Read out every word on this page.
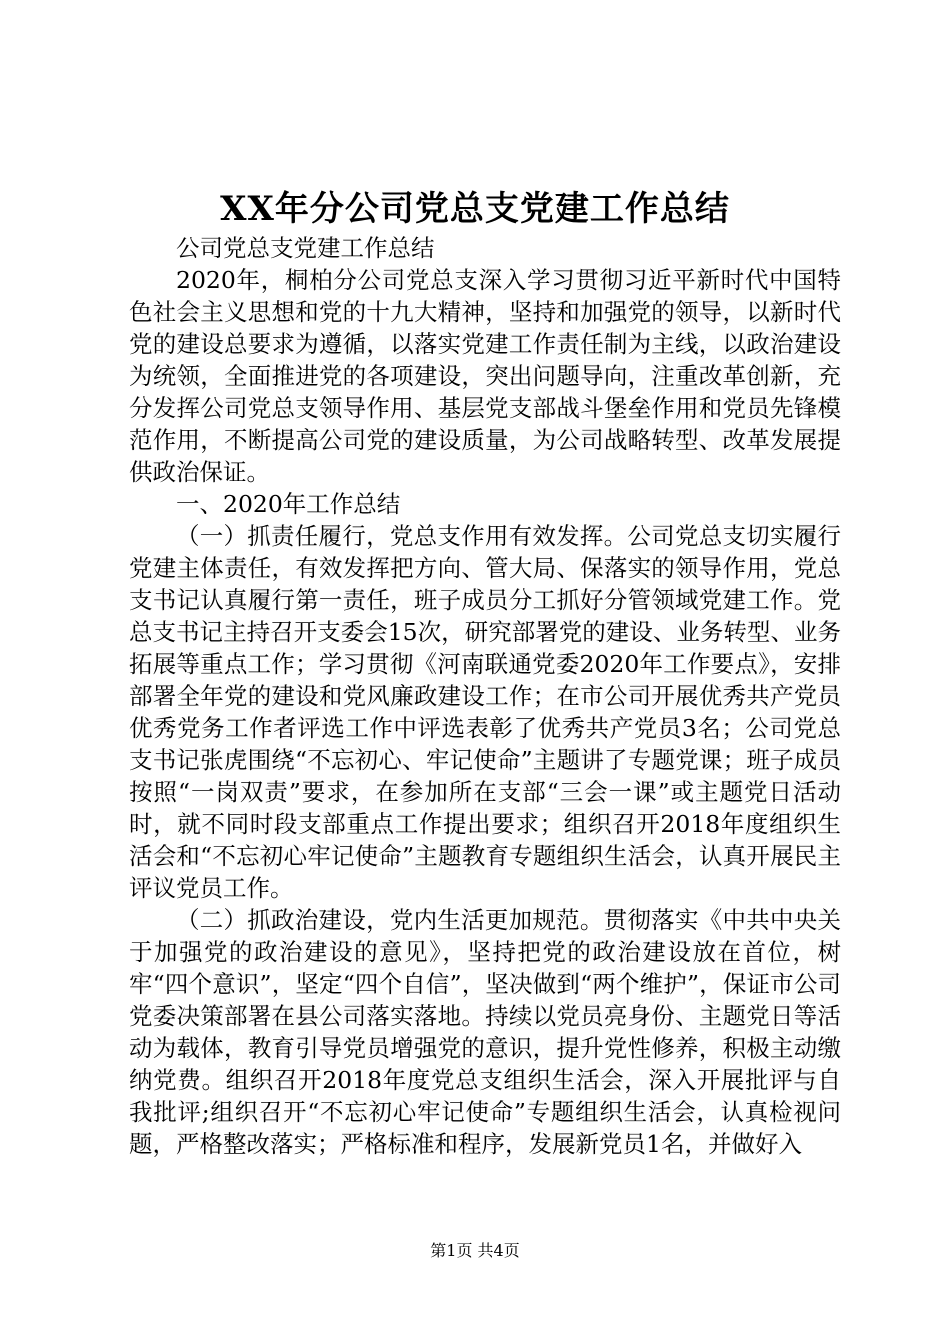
XX年分公司党总支党建工作总结

公司党总支党建工作总结

2020年，桐柏分公司党总支深入学习贯彻习近平新时代中国特色社会主义思想和党的十九大精神，坚持和加强党的领导，以新时代党的建设总要求为遵循，以落实党建工作责任制为主线，以政治建设为统领，全面推进党的各项建设，突出问题导向，注重改革创新，充分发挥公司党总支领导作用、基层党支部战斗堡垒作用和党员先锋模范作用，不断提高公司党的建设质量，为公司战略转型、改革发展提供政治保证。

一、2020年工作总结

（一）抓责任履行，党总支作用有效发挥。公司党总支切实履行党建主体责任，有效发挥把方向、管大局、保落实的领导作用，党总支书记认真履行第一责任，班子成员分工抓好分管领域党建工作。党总支书记主持召开支委会15次，研究部署党的建设、业务转型、业务拓展等重点工作；学习贯彻《河南联通党委2020年工作要点》，安排部署全年党的建设和党风廉政建设工作；在市公司开展优秀共产党员优秀党务工作者评选工作中评选表彰了优秀共产党员3名；公司党总支书记张虎围绕“不忘初心、牢记使命”主题讲了专题党课；班子成员按照“一岗双责”要求，在参加所在支部“三会一课”或主题党日活动时，就不同时段支部重点工作提出要求；组织召开2018年度组织生活会和“不忘初心牢记使命”主题教育专题组织生活会，认真开展民主评议党员工作。

（二）抓政治建设，党内生活更加规范。贯彻落实《中共中央关于加强党的政治建设的意见》，坚持把党的政治建设放在首位，树牢“四个意识”，坚定“四个自信”，坚决做到“两个维护”，保证市公司党委决策部署在县公司落实落地。持续以党员亮身份、主题党日等活动为载体，教育引导党员增强党的意识，提升党性修养，积极主动缴纳党费。组织召开2018年度党总支组织生活会，深入开展批评与自我批评;组织召开“不忘初心牢记使命”专题组织生活会，认真检视问题，严格整改落实；严格标准和程序，发展新党员1名，并做好入

第1页 共4页
